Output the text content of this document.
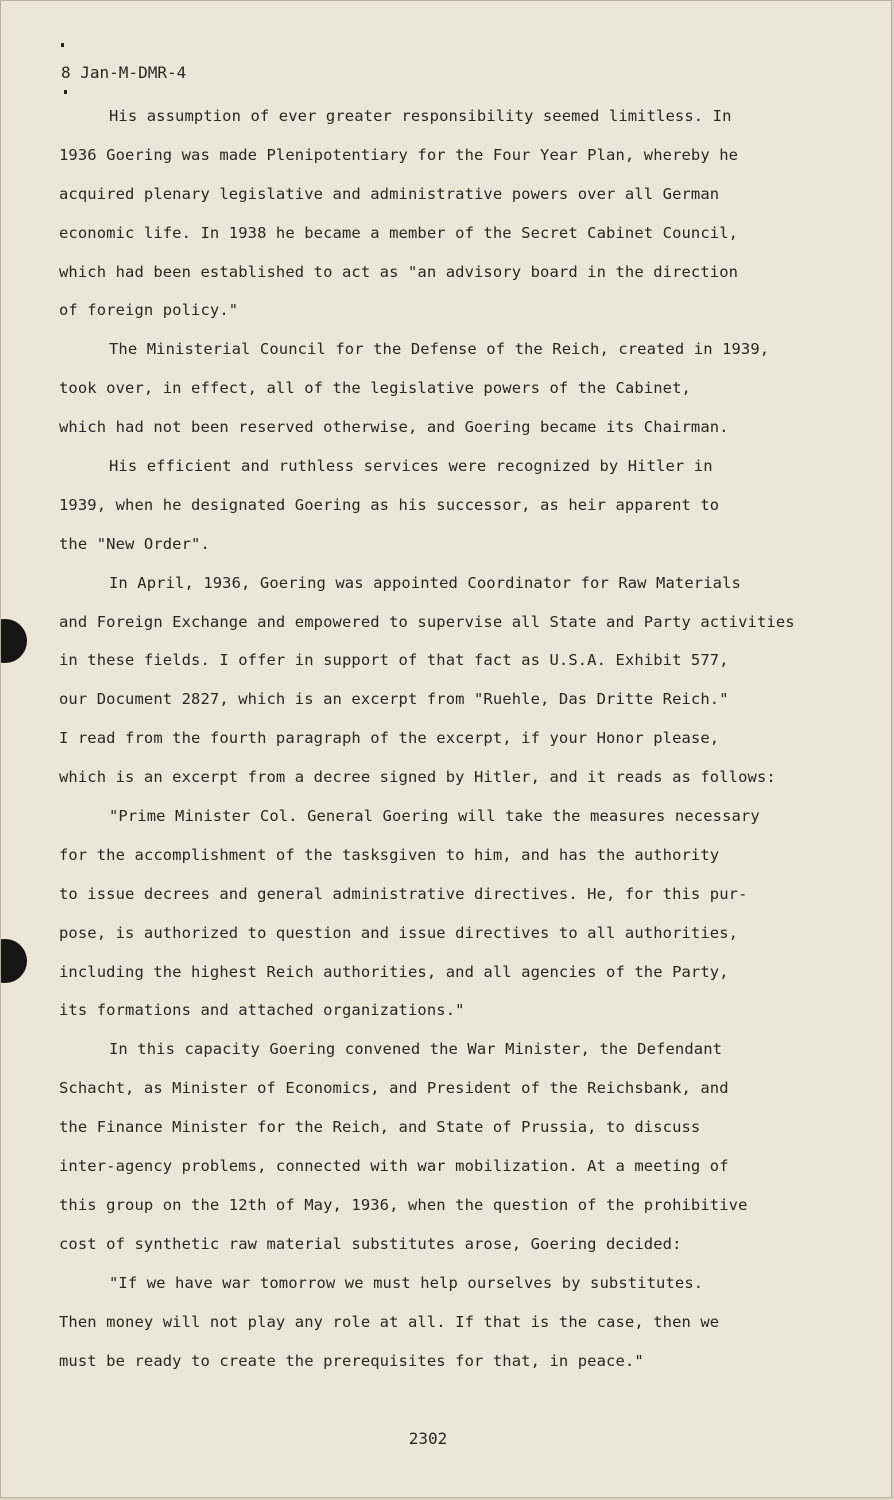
8 Jan-M-DMR-4
His assumption of ever greater responsibility seemed limitless. In
1936 Goering was made Plenipotentiary for the Four Year Plan, whereby he
acquired plenary legislative and administrative powers over all German
economic life. In 1938 he became a member of the Secret Cabinet Council,
which had been established to act as "an advisory board in the direction
of foreign policy."
The Ministerial Council for the Defense of the Reich, created in 1939,
took over, in effect, all of the legislative powers of the Cabinet,
which had not been reserved otherwise, and Goering became its Chairman.
His efficient and ruthless services were recognized by Hitler in
1939, when he designated Goering as his successor, as heir apparent to
the "New Order".
In April, 1936, Goering was appointed Coordinator for Raw Materials
and Foreign Exchange and empowered to supervise all State and Party activities
in these fields. I offer in support of that fact as U.S.A. Exhibit 577,
our Document 2827, which is an excerpt from "Ruehle, Das Dritte Reich."
I read from the fourth paragraph of the excerpt, if your Honor please,
which is an excerpt from a decree signed by Hitler, and it reads as follows:
"Prime Minister Col. General Goering will take the measures necessary
for the accomplishment of the tasksgiven to him, and has the authority
to issue decrees and general administrative directives. He, for this pur-
pose, is authorized to question and issue directives to all authorities,
including the highest Reich authorities, and all agencies of the Party,
its formations and attached organizations."
In this capacity Goering convened the War Minister, the Defendant
Schacht, as Minister of Economics, and President of the Reichsbank, and
the Finance Minister for the Reich, and State of Prussia, to discuss
inter-agency problems, connected with war mobilization. At a meeting of
this group on the 12th of May, 1936, when the question of the prohibitive
cost of synthetic raw material substitutes arose, Goering decided:
"If we have war tomorrow we must help ourselves by substitutes.
Then money will not play any role at all. If that is the case, then we
must be ready to create the prerequisites for that, in peace."
2302
